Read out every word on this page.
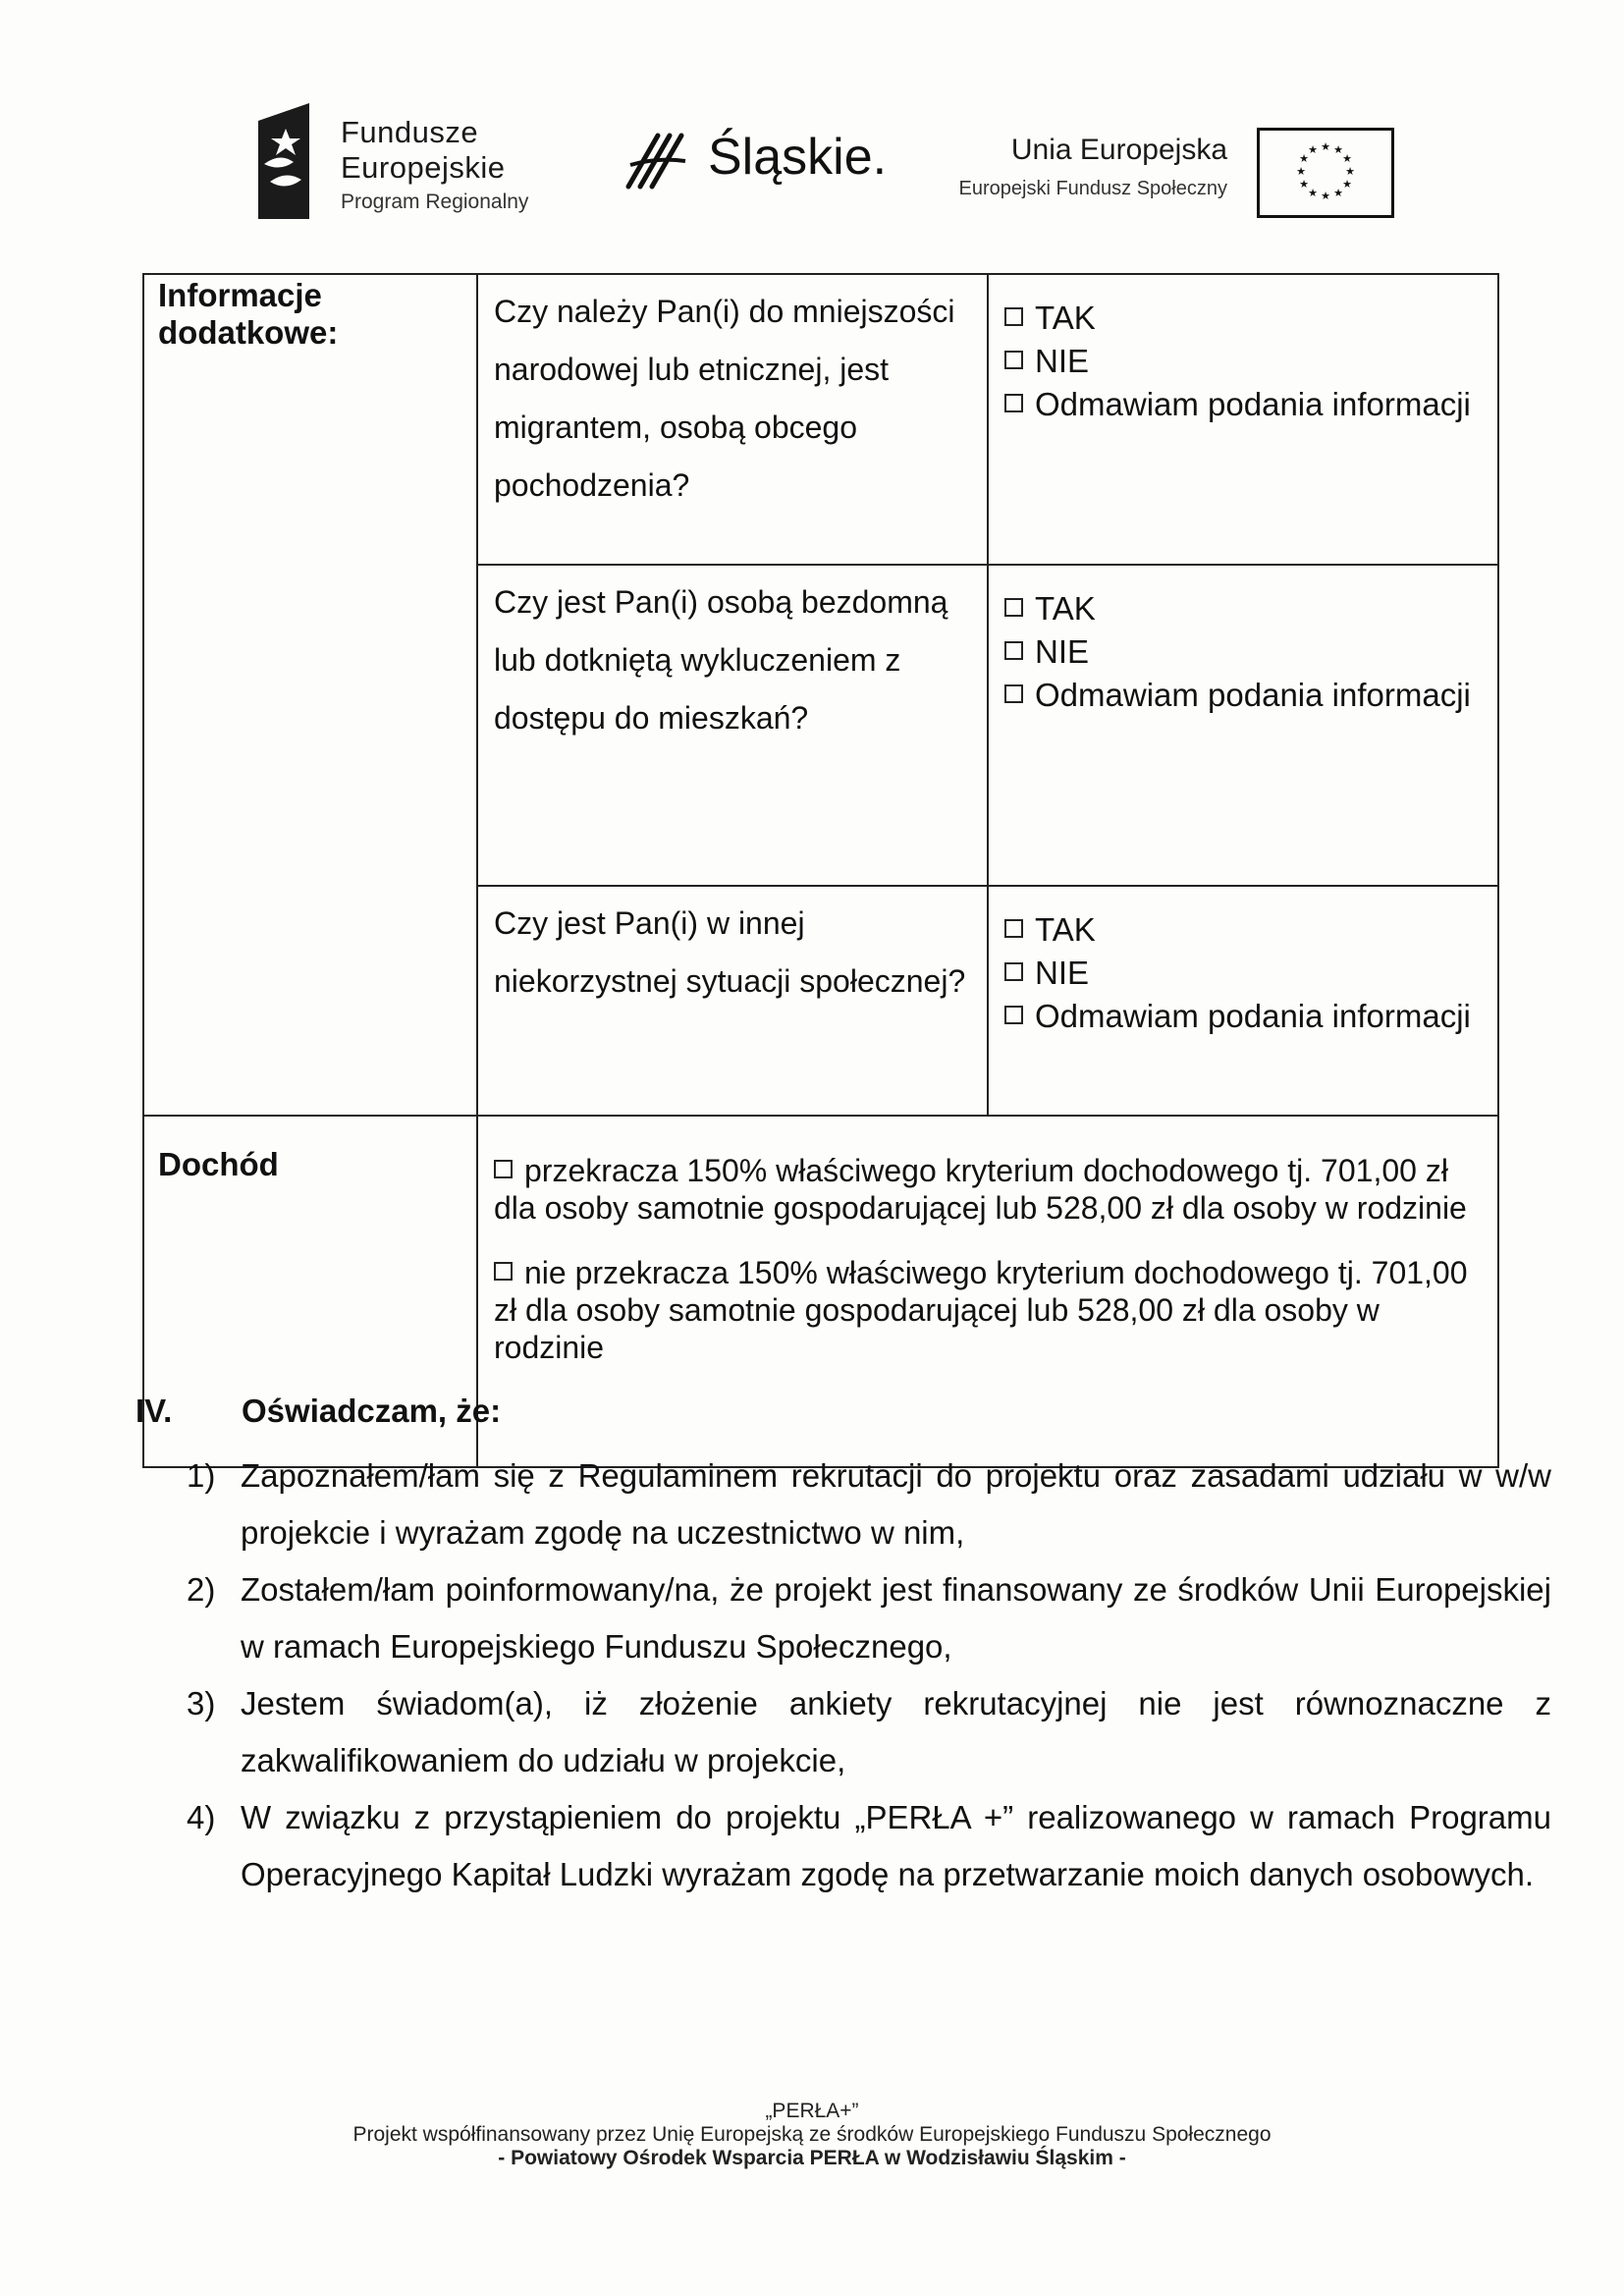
Fundusze
Europejskie
Program Regionalny
Śląskie.	Unia Europejska
Europejski Fundusz Społeczny
★ ★
★
★
★
★
★
★
★
★
★
★
Informacje dodatkowe:	Czy należy Pan(i) do mniejszości narodowej lub etnicznej, jest migrantem, osobą obcego pochodzenia?	TAK
NIE
Odmawiam podania informacji

	Czy jest Pan(i) osobą bezdomną lub dotkniętą wykluczeniem z dostępu do mieszkań?	TAK
NIE
Odmawiam podania informacji

	Czy jest Pan(i) w innej niekorzystnej sytuacji społecznej?	TAK
NIE
Odmawiam podania informacji

Dochód	przekracza 150% właściwego kryterium dochodowego tj. 701,00 zł dla osoby samotnie gospodarującej lub 528,00 zł dla osoby w rodzinie
nie przekracza 150% właściwego kryterium dochodowego tj. 701,00 zł dla osoby samotnie gospodarującej lub 528,00 zł dla osoby w rodzinie	
IV. Oświadczam, że:
1) Zapoznałem/łam się z Regulaminem rekrutacji do projektu oraz zasadami udziału w w/w projekcie i wyrażam zgodę na uczestnictwo w nim,
2) Zostałem/łam poinformowany/na, że projekt jest finansowany ze środków Unii Europejskiej w ramach Europejskiego Funduszu Społecznego,
3) Jestem świadom(a), iż złożenie ankiety rekrutacyjnej nie jest równoznaczne z zakwalifikowaniem do udziału w projekcie,
4) W związku z przystąpieniem do projektu „PERŁA +” realizowanego w ramach Programu Operacyjnego Kapitał Ludzki wyrażam zgodę na przetwarzanie moich danych osobowych.
„PERŁA+”
Projekt współfinansowany przez Unię Europejską ze środków Europejskiego Funduszu Społecznego
- Powiatowy Ośrodek Wsparcia PERŁA w Wodzisławiu Śląskim -
